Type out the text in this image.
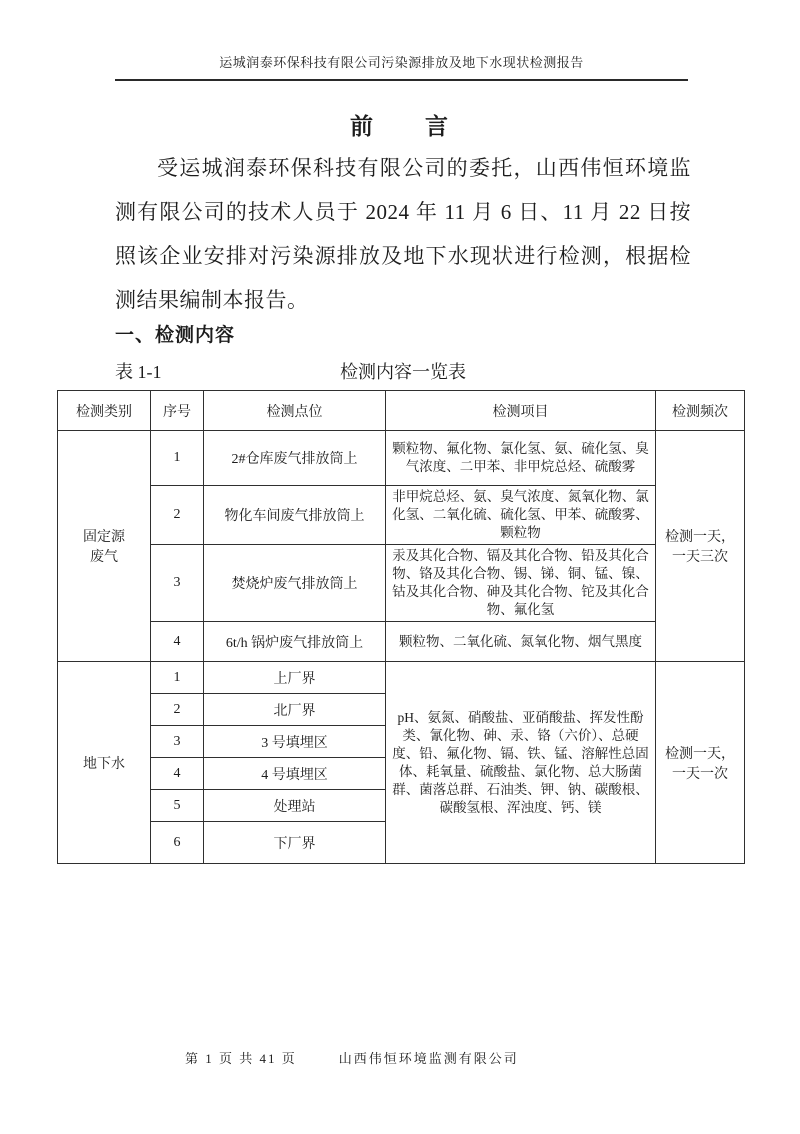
运城润泰环保科技有限公司污染源排放及地下水现状检测报告
前　　言

受运城润泰环保科技有限公司的委托，山西伟恒环境监测有限公司的技术人员于 2024 年 11 月 6 日、11 月 22 日按照该企业安排对污染源排放及地下水现状进行检测，根据检测结果编制本报告。

一、检测内容
表 1-1	检测内容一览表
检测类别	序号	检测点位	检测项目	检测频次

固定源
废气
	1	2#仓库废气排放筒上	颗粒物、氟化物、氯化氢、氨、硫化氢、臭气浓度、二甲苯、非甲烷总烃、硫酸雾	
检测一天，
一天三次

	2	物化车间废气排放筒上	非甲烷总烃、氨、臭气浓度、氮氧化物、氯化氢、二氧化硫、硫化氢、甲苯、硫酸雾、颗粒物	
	3	焚烧炉废气排放筒上	汞及其化合物、镉及其化合物、铅及其化合物、铬及其化合物、锡、锑、铜、锰、镍、钴及其化合物、砷及其化合物、铊及其化合物、氟化氢	
	4	6t/h 锅炉废气排放筒上	颗粒物、二氧化硫、氮氧化物、烟气黑度	

地下水	1	上厂界	pH、氨氮、硝酸盐、亚硝酸盐、挥发性酚类、氰化物、砷、汞、铬（六价）、总硬度、铅、氟化物、镉、铁、锰、溶解性总固体、耗氧量、硫酸盐、氯化物、总大肠菌群、菌落总群、石油类、钾、钠、碳酸根、碳酸氢根、浑浊度、钙、镁	检测一天，
一天一次

	2	北厂界		
	3	3 号填埋区		
	4	4 号填埋区		
	5	处理站		
	6	下厂界		
第 1 页 共 41 页	山西伟恒环境监测有限公司
